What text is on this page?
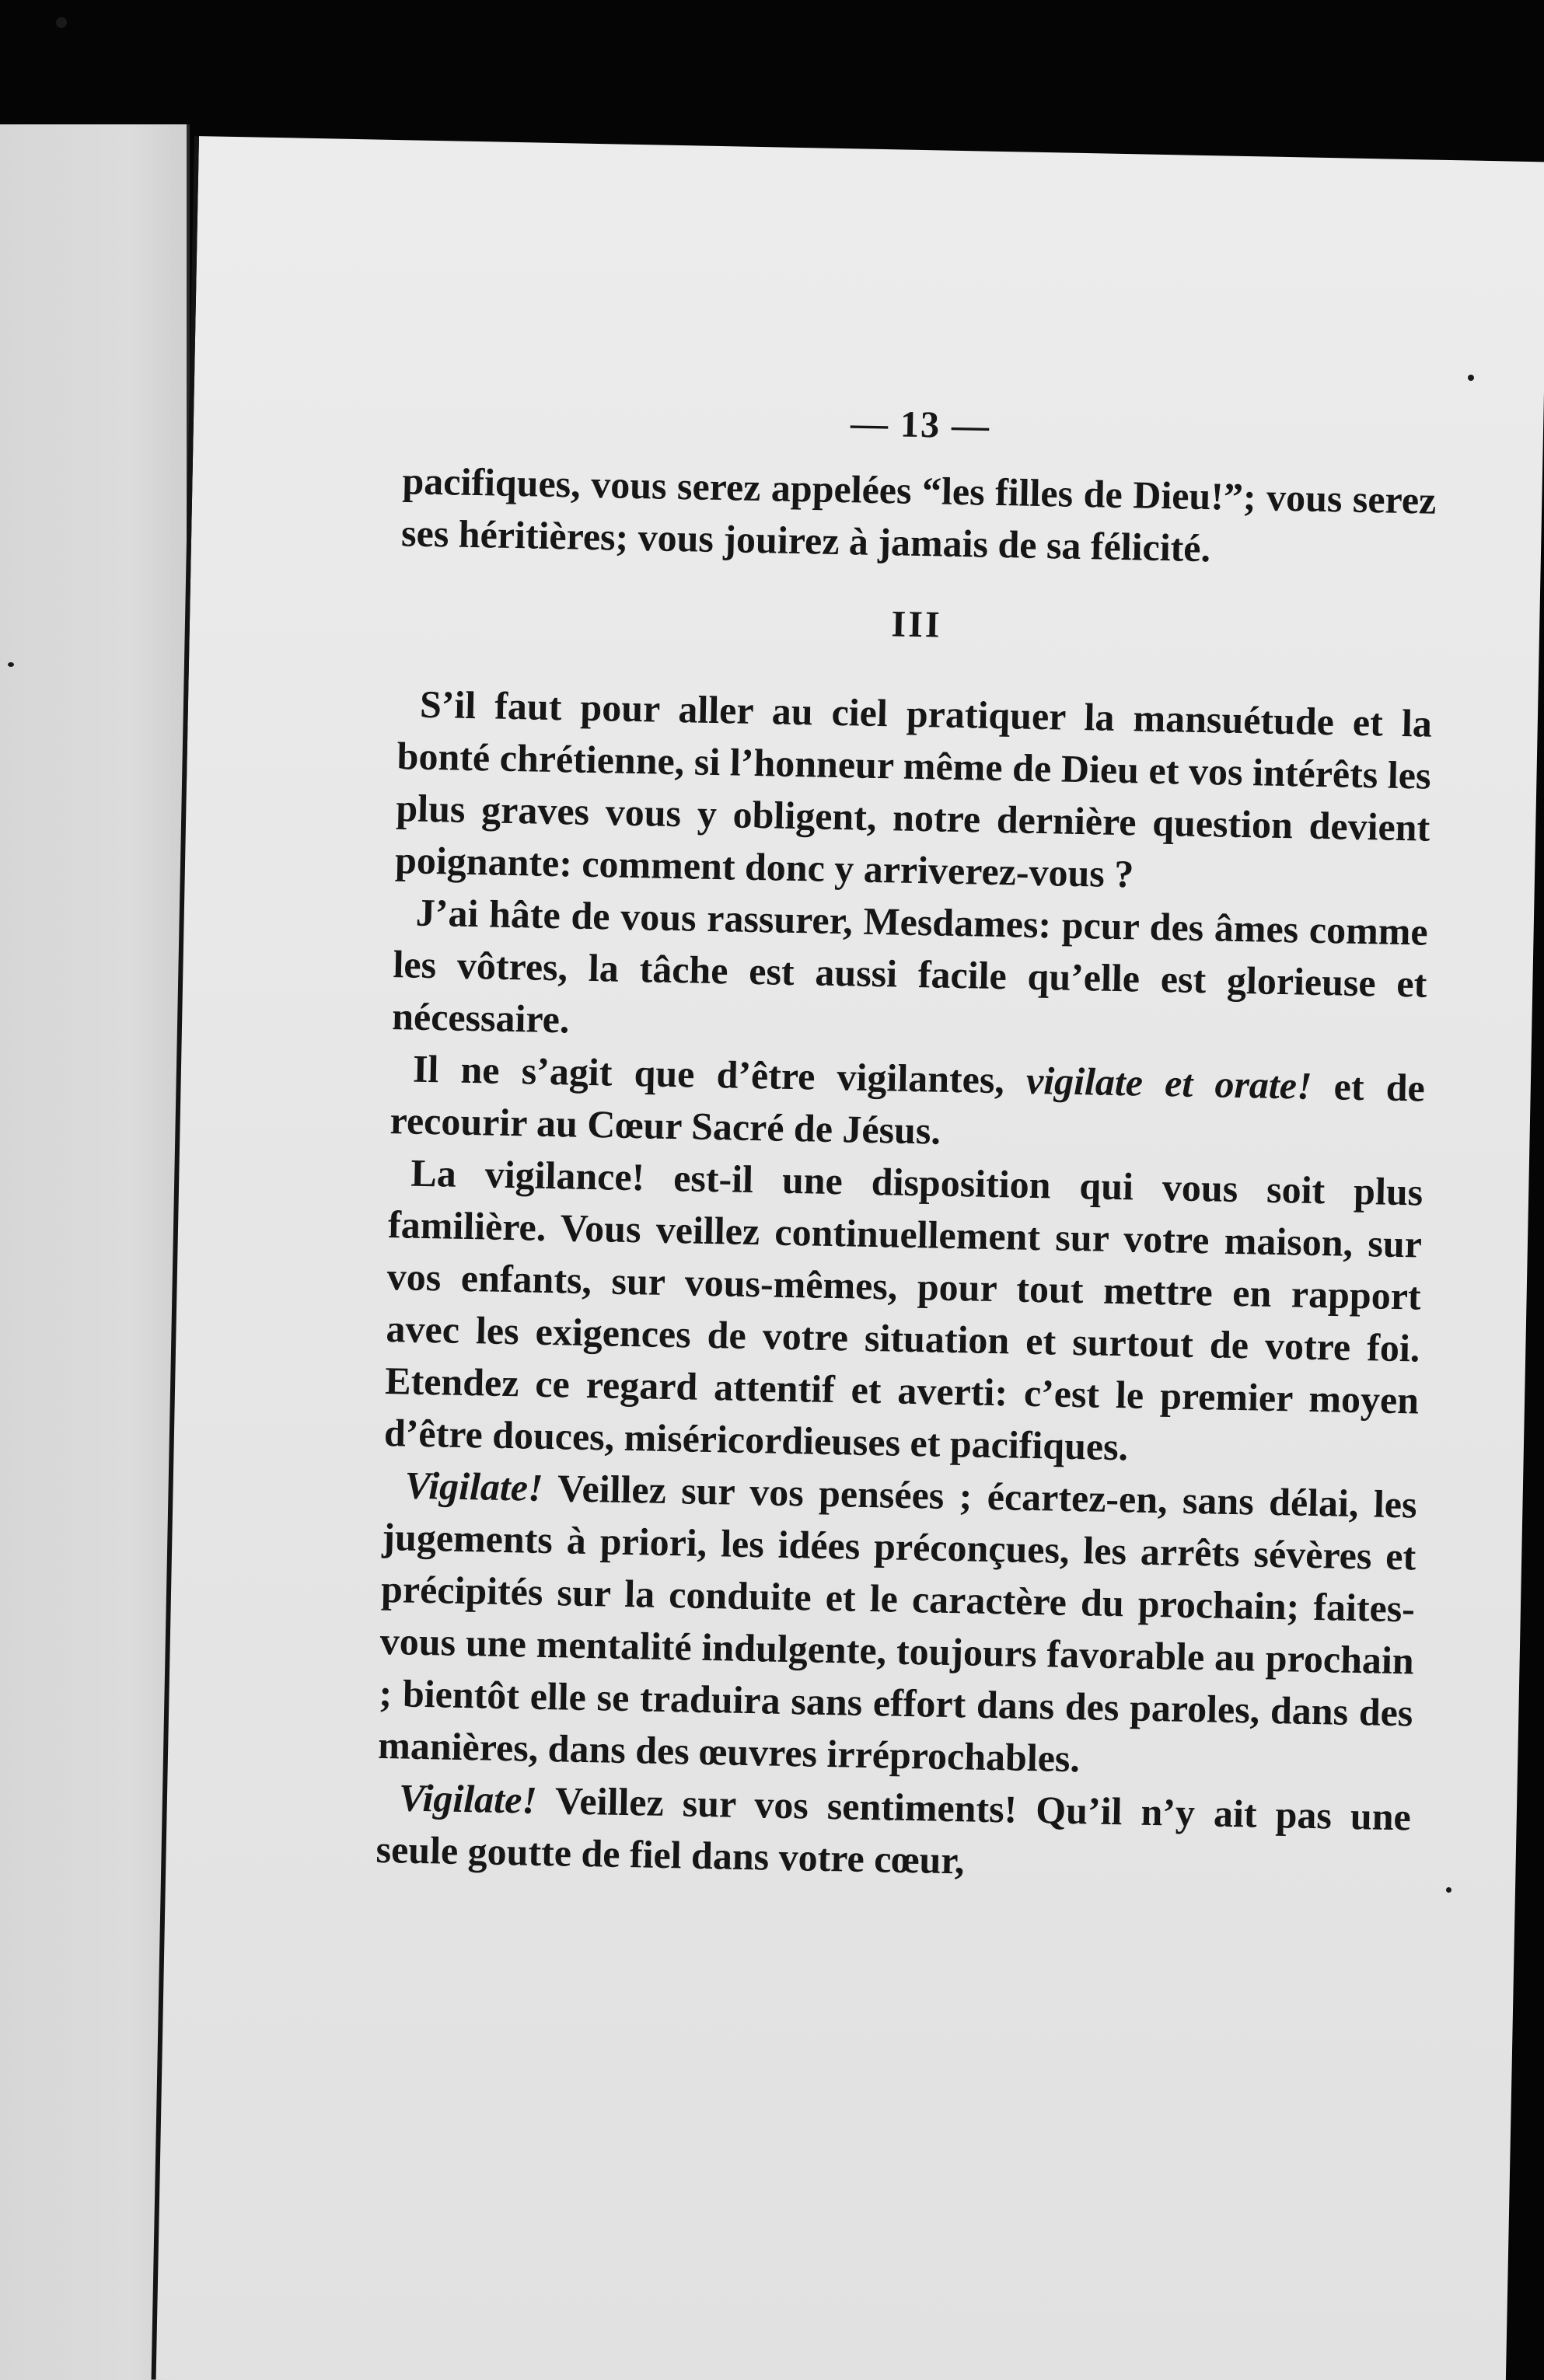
— 13 —

pacifiques, vous serez appelées “les filles de Dieu!”; vous serez ses héritières; vous jouirez à jamais de sa félicité.

III

S’il faut pour aller au ciel pratiquer la mansuétude et la bonté chrétienne, si l’honneur même de Dieu et vos intérêts les plus graves vous y obligent, notre dernière question devient poignante: comment donc y arriverez-vous ?

J’ai hâte de vous rassurer, Mesdames: pcur des âmes comme les vôtres, la tâche est aussi facile qu’elle est glorieuse et nécessaire.

Il ne s’agit que d’être vigilantes, vigilate et orate! et de recourir au Cœur Sacré de Jésus.

La vigilance! est-il une disposition qui vous soit plus familière. Vous veillez continuellement sur votre maison, sur vos enfants, sur vous-mêmes, pour tout mettre en rapport avec les exigences de votre situation et surtout de votre foi. Etendez ce regard attentif et averti: c’est le premier moyen d’être douces, miséricordieuses et pacifiques.

Vigilate! Veillez sur vos pensées ; écartez-en, sans délai, les jugements à priori, les idées préconçues, les arrêts sévères et précipités sur la conduite et le caractère du prochain; faites-vous une mentalité indulgente, toujours favorable au prochain ; bientôt elle se traduira sans effort dans des paroles, dans des manières, dans des œuvres irréprochables.

Vigilate! Veillez sur vos sentiments! Qu’il n’y ait pas une seule goutte de fiel dans votre cœur,
